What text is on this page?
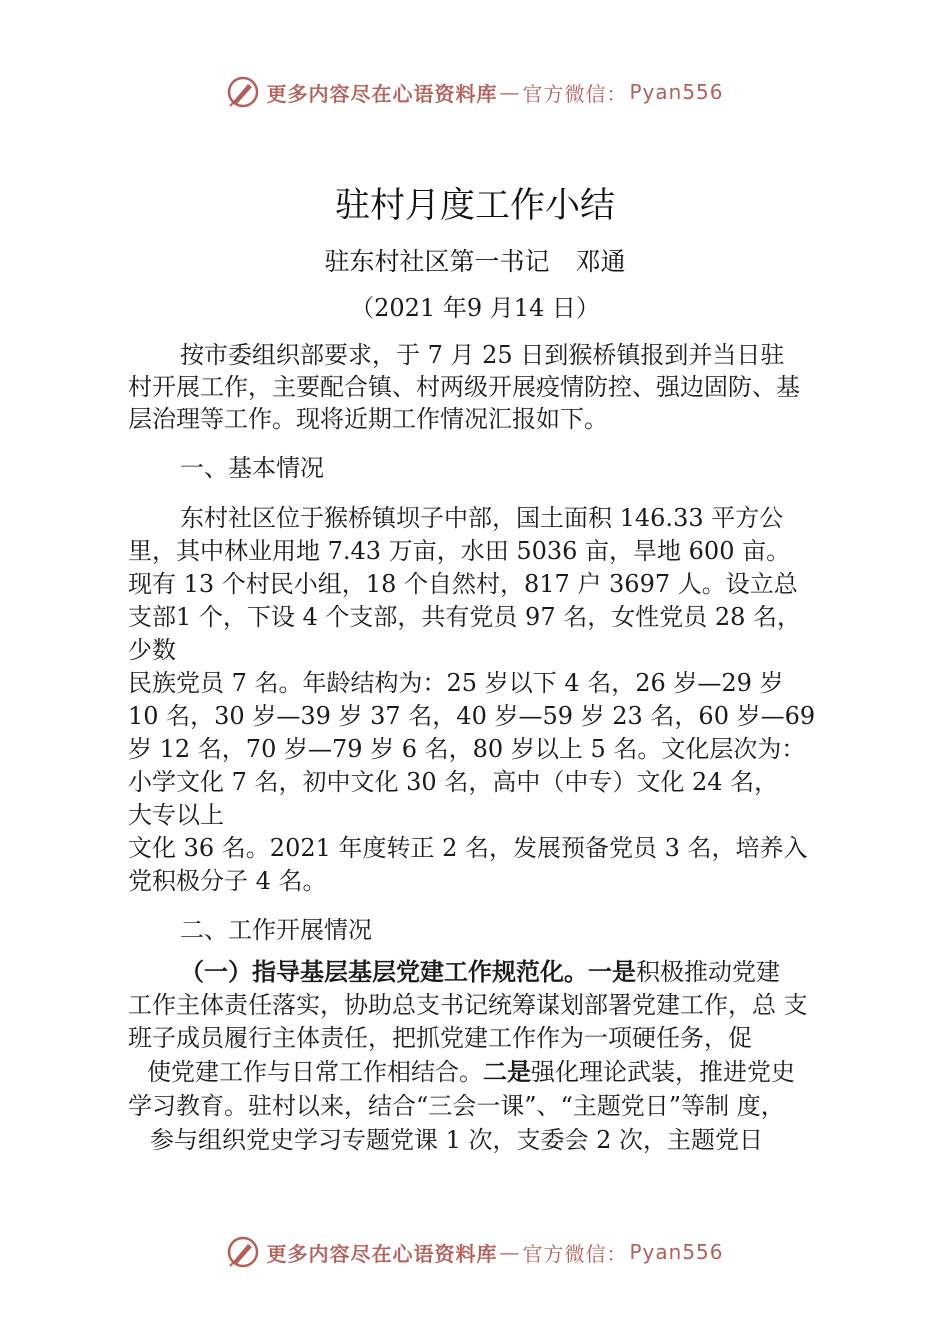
更多内容尽在心语资料库 — 官方微信： Pyan556
驻村月度工作小结
驻东村社区第一书记 邓通
（2021 年9 月14 日）
按市委组织部要求，于 7 月 25 日到猴桥镇报到并当日驻
村开展工作，主要配合镇、村两级开展疫情防控、强边固防、基
层治理等工作。现将近期工作情况汇报如下。
一、基本情况
东村社区位于猴桥镇坝子中部，国土面积 146.33 平方公
里，其中林业用地 7.43 万亩，水田 5036 亩，旱地 600 亩。
现有 13 个村民小组，18 个自然村，817 户 3697 人。设立总
支部1 个，下设 4 个支部，共有党员 97 名，女性党员 28 名，
少数
民族党员 7 名。年龄结构为：25 岁以下 4 名，26 岁—29 岁
10 名，30 岁—39 岁 37 名，40 岁—59 岁 23 名，60 岁—69
岁 12 名，70 岁—79 岁 6 名，80 岁以上 5 名。文化层次为：
小学文化 7 名，初中文化 30 名，高中（中专）文化 24 名，
大专以上
文化 36 名。2021 年度转正 2 名，发展预备党员 3 名，培养入
党积极分子 4 名。
二、工作开展情况
（一）指导基层基层党建工作规范化。一是积极推动党建
工作主体责任落实，协助总支书记统筹谋划部署党建工作，总 支
班子成员履行主体责任，把抓党建工作作为一项硬任务，促
使党建工作与日常工作相结合。二是强化理论武装，推进党史
学习教育。驻村以来，结合“三会一课”、“主题党日”等制 度，
参与组织党史学习专题党课 1 次，支委会 2 次，主题党日
更多内容尽在心语资料库 — 官方微信： Pyan556
